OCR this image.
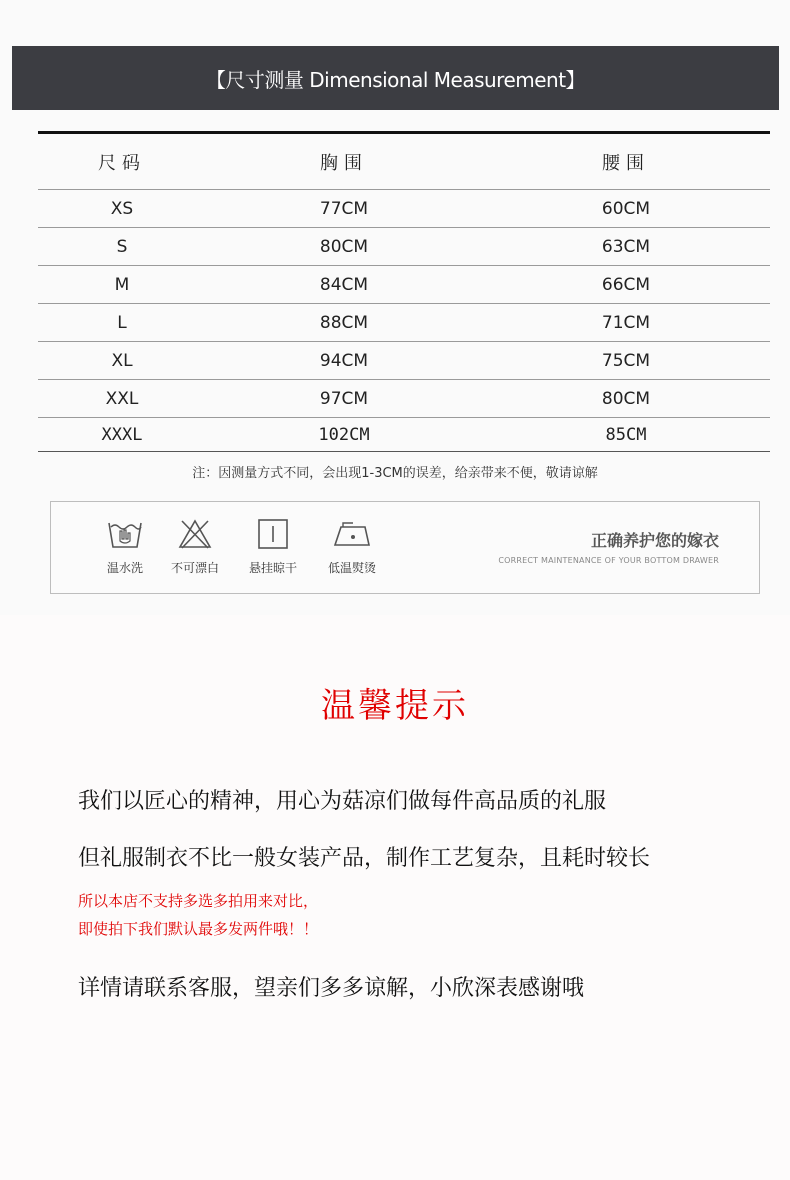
【尺寸测量 Dimensional Measurement】
尺码	胸围	腰围
XS	77CM	60CM
S	80CM	63CM
M	84CM	66CM
L	88CM	71CM
XL	94CM	75CM
XXL	97CM	80CM
XXXL	102CM	85CM
注：因测量方式不同，会出现1-3CM的误差，给亲带来不便，敬请谅解
温水洗	不可漂白	悬挂晾干	低温熨烫
正确养护您的嫁衣
CORRECT MAINTENANCE OF YOUR BOTTOM DRAWER
温馨提示
我们以匠心的精神，用心为菇凉们做每件高品质的礼服
但礼服制衣不比一般女装产品，制作工艺复杂，且耗时较长
所以本店不支持多选多拍用来对比，
即使拍下我们默认最多发两件哦！！
详情请联系客服，望亲们多多谅解，小欣深表感谢哦
